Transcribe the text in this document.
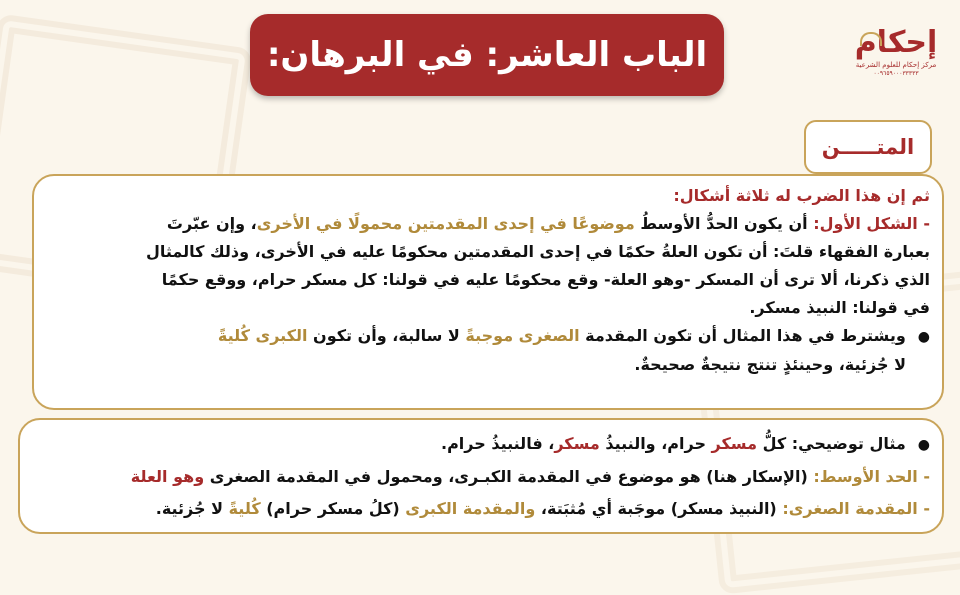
الباب العاشر: في البرهان:	إحكام
مركز إحكام للعلوم الشرعية
٠٠٩٦٥٩٠٠٠٣٣٣٣٣
المتـــــن
ثم إن هذا الضرب له ثلاثة أشكال:
- الشكل الأول: أن يكون الحدُّ الأوسطُ موضوعًا في إحدى المقدمتين محمولًا في الأخرى، وإن عبّرتَ
بعبارة الفقهاء قلتَ: أن تكون العلةُ حكمًا في إحدى المقدمتين محكومًا عليه في الأخرى، وذلك كالمثال
الذي ذكرنا، ألا ترى أن المسكر -وهو العلة- وقع محكومًا عليه في قولنا: كل مسكر حرام، ووقع حكمًا
في قولنا: النبيذ مسكر.
●ويشترط في هذا المثال أن تكون المقدمة الصغرى موجبةً لا سالبة، وأن تكون الكبرى كُليةً
لا جُزئية، وحينئذٍ تنتج نتيجةٌ صحيحةٌ.
●مثال توضيحي: كلُّ مسكر حرام، والنبيذُ مسكر، فالنبيذُ حرام.
- الحد الأوسط: (الإسكار هنا) هو موضوع في المقدمة الكبـرى، ومحمول في المقدمة الصغرى وهو العلة
- المقدمة الصغرى: (النبيذ مسكر) موجَبة أي مُثبَتة، والمقدمة الكبرى (كلُ مسكر حرام) كُليةً لا جُزئية.
